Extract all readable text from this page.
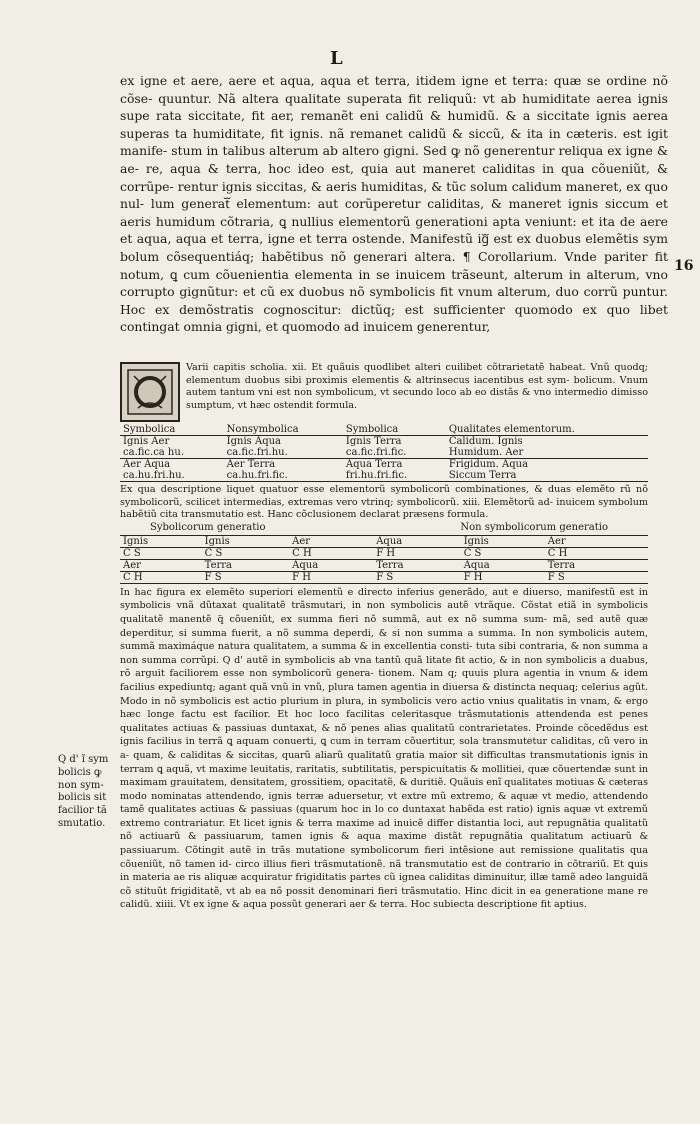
L

ex igne et aere, aere et aqua, aqua et terra, itidem igne et terra: quæ se ordine nõ cõse- quuntur. Nã altera qualitate superata fit reliquũ: vt ab humiditate aerea ignis supe rata siccitate, fit aer, remanẽt eni calidũ & humidũ. & a siccitate ignis aerea superas ta humiditate, fit ignis. nã remanet calidũ & siccũ, & ita in cæteris. est igit manife- stum in talibus alterum ab altero gigni. Sed ꝙ nõ generentur reliqua ex igne & ae- re, aqua & terra, hoc ideo est, quia aut maneret caliditas in qua cõueniũt, & corrũpe- rentur ignis siccitas, & aeris humiditas, & tũc solum calidum maneret, ex quo nul- lum generatᷓ elementum: aut corũperetur caliditas, & maneret ignis siccum et aeris humidum cõtraria, ꝗ nullius elementorũ generationi apta veniunt: et ita de aere et aqua, aqua et terra, igne et terra ostende. Manifestũ igᷓ est ex duobus elemẽtis sym bolum cõsequentiáq; habẽtibus nõ generari altera. ¶ Corollarium. Vnde pariter fit notum, ꝗ cum cõuenientia elementa in se inuicem trãseunt, alterum in alterum, vno corrupto gignũtur: et cũ ex duobus nõ symbolicis fit vnum alterum, duo corrũ puntur. Hoc ex demõstratis cognoscitur: dictũq; est sufficienter quomodo ex quo libet contingat omnia gigni, et quomodo ad inuicem generentur,

16
Varii capitis scholia. xii. Et quãuis quodlibet alteri cuilibet cõtrarietatẽ habeat. Vnũ quodq; elementum duobus sibi proximis elementis & altrinsecus iacentibus est sym- bolicum. Vnum autem tantum vni est non symbolicum, vt secundo loco ab eo distãs & vno intermedio dimisso sumptum, vt hæc ostendit formula.
Symbolica	Nonsymbolica	Symbolica	Qualitates elementorum.
Ignis Aer	Ignis Aqua	Ignis Terra	Calidum. Ignis
ca.fic.ca hu.	ca.fic.fri.hu.	ca.fic.fri.fic.	Humidum. Aer
Aer Aqua	Aer Terra	Aqua Terra	Frigidum. Aqua
ca.hu.fri.hu.	ca.hu.fri.fic.	fri.hu.fri.fic.	Siccum Terra

Ex qua descriptione liquet quatuor esse elementorũ symbolicorũ combinationes, & duas elemẽto rũ nõ symbolicorũ, scilicet intermedias, extremas vero vtrinq; symbolicorũ. xiii. Elemẽtorũ ad- inuicem symbolum habẽtiũ cita transmutatio est. Hanc cõclusionem declarat præsens formula.

Sybolicorum generatio	Non symbolicorum generatio
Ignis	Ignis	Aer	Aqua	Ignis	Aer	
C S	C S	C H	F H	C S	C H	
Aer	Terra	Aqua	Terra	Aqua	Terra	
C H	F S	F H	F S	F H	F S	

In hac figura ex elemẽto superiori elementũ e directo inferius generãdo, aut e diuerso, manifestũ est in symbolicis vnã dũtaxat qualitatẽ trãsmutari, in non symbolicis autẽ vtrãque. Cõstat etiã in symbolicis qualitatẽ manentẽ q̃ cõueniũt, ex summa fieri nõ summã, aut ex nõ summa sum- mã, sed autẽ quæ deperditur, si summa fuerit, a nõ summa deperdi, & si non summa a summa. In non symbolicis autem, summã maximáque natura qualitatem, a summa & in excellentia consti- tuta sibi contraria, & non summa a non summa corrũpi. Q d' autẽ in symbolicis ab vna tantũ quã litate fit actio, & in non symbolicis a duabus, rõ arguit faciliorem esse non symbolicorũ genera- tionem. Nam q; quuis plura agentia in vnum & idem facilius expediuntq; agant quã vnũ in vnũ, plura tamen agentia in diuersa & distincta nequaq; celerius agũt. Modo in nõ symbolicis est actio plurium in plura, in symbolicis vero actio vnius qualitatis in vnam, & ergo hæc longe factu est facilior. Et hoc loco facilitas celeritasque trãsmutationis attendenda est penes qualitates actiuas & passiuas duntaxat, & nõ penes alias qualitatũ contrarietates. Proinde cõcedẽdus est ignis facilius in terrã ꝗ aquam conuerti, ꝗ cum in terram cõuertitur, sola transmutetur caliditas, cũ vero in a- quam, & caliditas & siccitas, quarũ aliarũ qualitatũ gratia maior sit difficultas transmutationis ignis in terram ꝗ aquã, vt maxime leuitatis, raritatis, subtilitatis, perspicuitatis & mollitiei, quæ cõuertendæ sunt in maximam grauitatem, densitatem, grossitiem, opacitatẽ, & duritiẽ. Quãuis enĩ qualitates motiuas & cæteras modo nominatas attendendo, ignis terræ aduersetur, vt extre mũ extremo, & aquæ vt medio, attendendo tamẽ qualitates actiuas & passiuas (quarum hoc in lo co duntaxat habẽda est ratio) ignis aquæ vt extremũ extremo contrariatur. Et licet ignis & terra maxime ad inuicẽ differ distantia loci, aut repugnãtia qualitatũ nõ actiuarũ & passiuarum, tamen ignis & aqua maxime distãt repugnãtia qualitatum actiuarũ & passiuarum. Cõtingit autẽ in trãs mutatione symbolicorum fieri intẽsione aut remissione qualitatis qua cõueniũt, nõ tamen id- circo illius fieri trãsmutationẽ. nã transmutatio est de contrario in cõtrariũ. Et ꝗuis in materia ae ris aliquæ acquiratur frigiditatis partes cũ ignea caliditas diminuitur, illæ tamẽ adeo languidã cõ stituũt frigiditatẽ, vt ab ea nõ possit denominari fieri trãsmutatio. Hinc dicit in ea generatione mane re calidũ. xiiii. Vt ex igne & aqua possũt generari aer & terra. Hoc subiecta descriptione fit aptius.

Q d' ĩ sym
bolicis ꝙ
non sym-
bolicis sit
facilior tã
smutatio.
